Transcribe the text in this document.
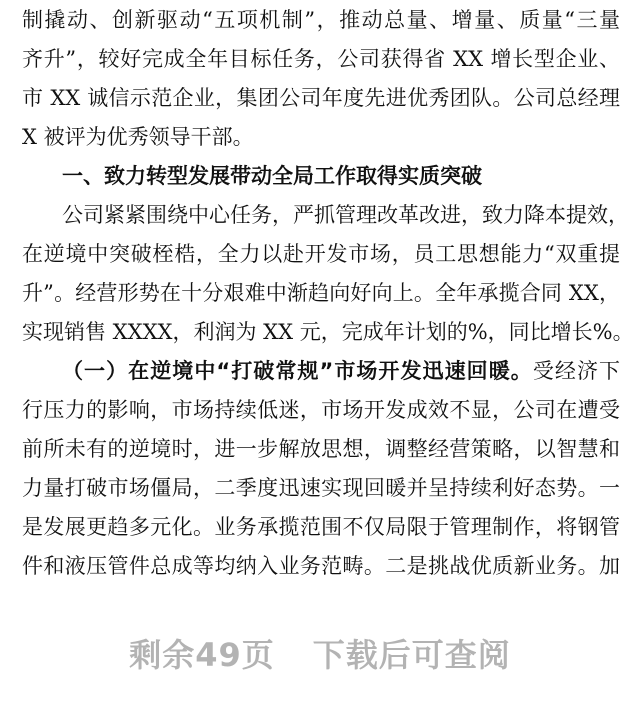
制撬动、创新驱动“五项机制”，推动总量、增量、质量“三量
齐升”，较好完成全年目标任务，公司获得省 XX 增长型企业、
市 XX 诚信示范企业，集团公司年度先进优秀团队。公司总经理
X 被评为优秀领导干部。
一、致力转型发展带动全局工作取得实质突破
公司紧紧围绕中心任务，严抓管理改革改进，致力降本提效，
在逆境中突破桎梏，全力以赴开发市场，员工思想能力“双重提
升”。经营形势在十分艰难中渐趋向好向上。全年承揽合同 XX，
实现销售 XXXX，利润为 XX 元，完成年计划的%，同比增长%。
（一）在逆境中“打破常规”市场开发迅速回暖。受经济下
行压力的影响，市场持续低迷，市场开发成效不显，公司在遭受
前所未有的逆境时，进一步解放思想，调整经营策略，以智慧和
力量打破市场僵局，二季度迅速实现回暖并呈持续利好态势。一
是发展更趋多元化。业务承揽范围不仅局限于管理制作，将钢管
件和液压管件总成等均纳入业务范畴。二是挑战优质新业务。加
剩余49页 下载后可查阅
